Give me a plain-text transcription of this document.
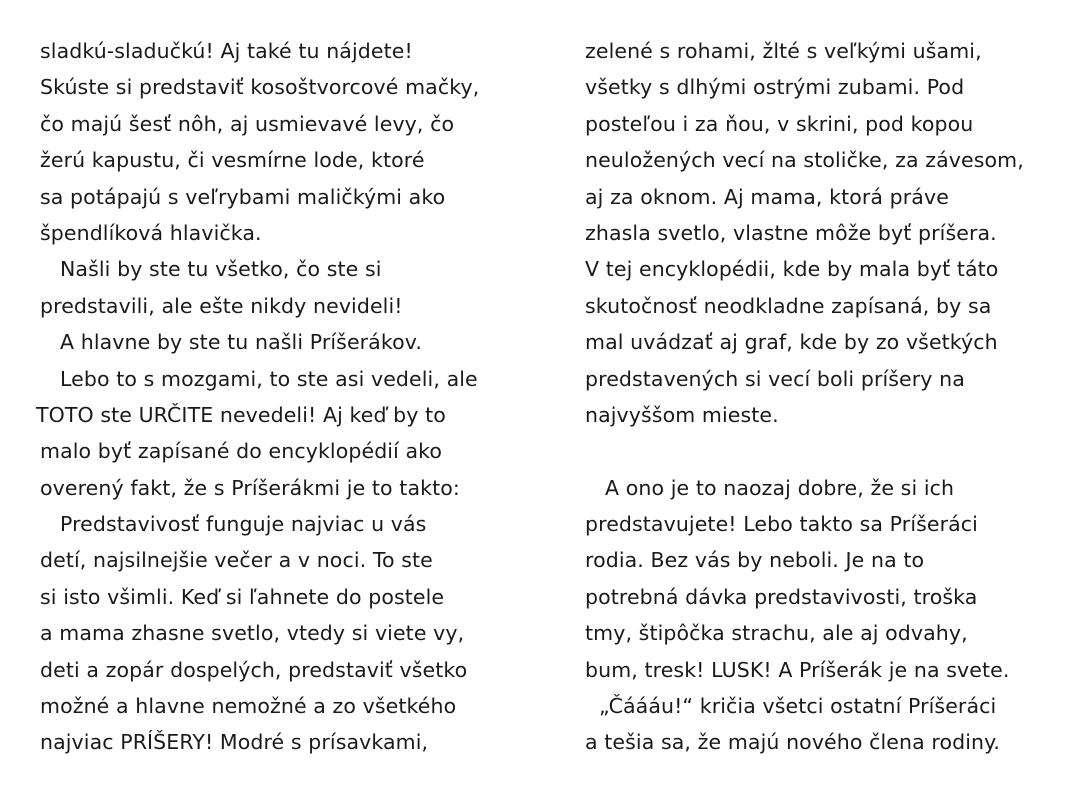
sladkú-sladučkú! Aj také tu nájdete!
Skúste si predstaviť kosoštvorcové mačky,
čo majú šesť nôh, aj usmievavé levy, čo
žerú kapustu, či vesmírne lode, ktoré
sa potápajú s veľrybami maličkými ako
špendlíková hlavička.
Našli by ste tu všetko, čo ste si
predstavili, ale ešte nikdy nevideli!
A hlavne by ste tu našli Príšerákov.
Lebo to s mozgami, to ste asi vedeli, ale
TOTO ste URČITE nevedeli! Aj keď by to
malo byť zapísané do encyklopédií ako
overený fakt, že s Príšerákmi je to takto:
Predstavivosť funguje najviac u vás
detí, najsilnejšie večer a v noci. To ste
si isto všimli. Keď si ľahnete do postele
a mama zhasne svetlo, vtedy si viete vy,
deti a zopár dospelých, predstaviť všetko
možné a hlavne nemožné a zo všetkého
najviac PRÍŠERY! Modré s prísavkami,
zelené s rohami, žlté s veľkými ušami,
všetky s dlhými ostrými zubami. Pod
posteľou i za ňou, v skrini, pod kopou
neuložených vecí na stoličke, za závesom,
aj za oknom. Aj mama, ktorá práve
zhasla svetlo, vlastne môže byť príšera.
V tej encyklopédii, kde by mala byť táto
skutočnosť neodkladne zapísaná, by sa
mal uvádzať aj graf, kde by zo všetkých
predstavených si vecí boli príšery na
najvyššom mieste.
A ono je to naozaj dobre, že si ich
predstavujete! Lebo takto sa Príšeráci
rodia. Bez vás by neboli. Je na to
potrebná dávka predstavivosti, troška
tmy, štipôčka strachu, ale aj odvahy,
bum, tresk! LUSK! A Príšerák je na svete.
„Čáááu!“ kričia všetci ostatní Príšeráci
a tešia sa, že majú nového člena rodiny.
